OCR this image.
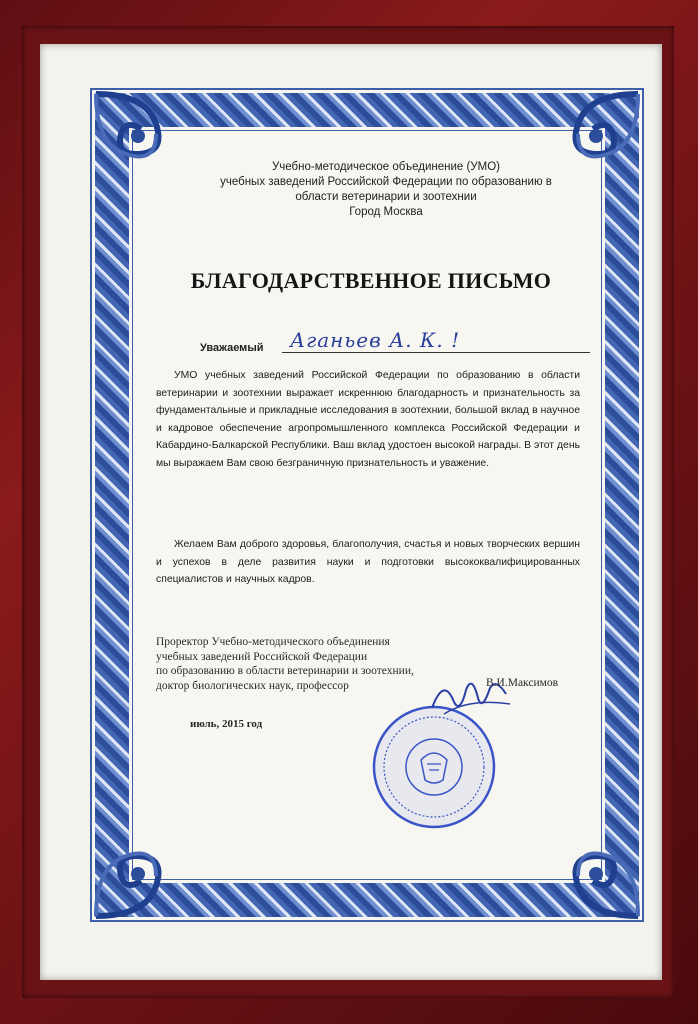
Учебно-методическое объединение (УМО)
учебных заведений Российской Федерации по образованию в
области ветеринарии и зоотехнии
Город Москва
БЛАГОДАРСТВЕННОЕ ПИСЬМО
Уважаемый	Аганьев А. К. !
УМО учебных заведений Российской Федерации по образованию в области ветеринарии и зоотехнии выражает искреннюю благодарность и признательность за фундаментальные и прикладные исследования в зоотехнии, большой вклад в научное и кадровое обеспечение агропромышленного комплекса Российской Федерации и Кабардино-Балкарской Республики. Ваш вклад удостоен высокой награды. В этот день мы выражаем Вам свою безграничную признательность и уважение.
Желаем Вам доброго здоровья, благополучия, счастья и новых творческих вершин и успехов в деле развития науки и подготовки высококвалифицированных специалистов и научных кадров.
Проректор Учебно-методического объединения
учебных заведений Российской Федерации
по образованию в области ветеринарии и зоотехнии,
доктор биологических наук, профессор	В.И.Максимов
июль, 2015 год
